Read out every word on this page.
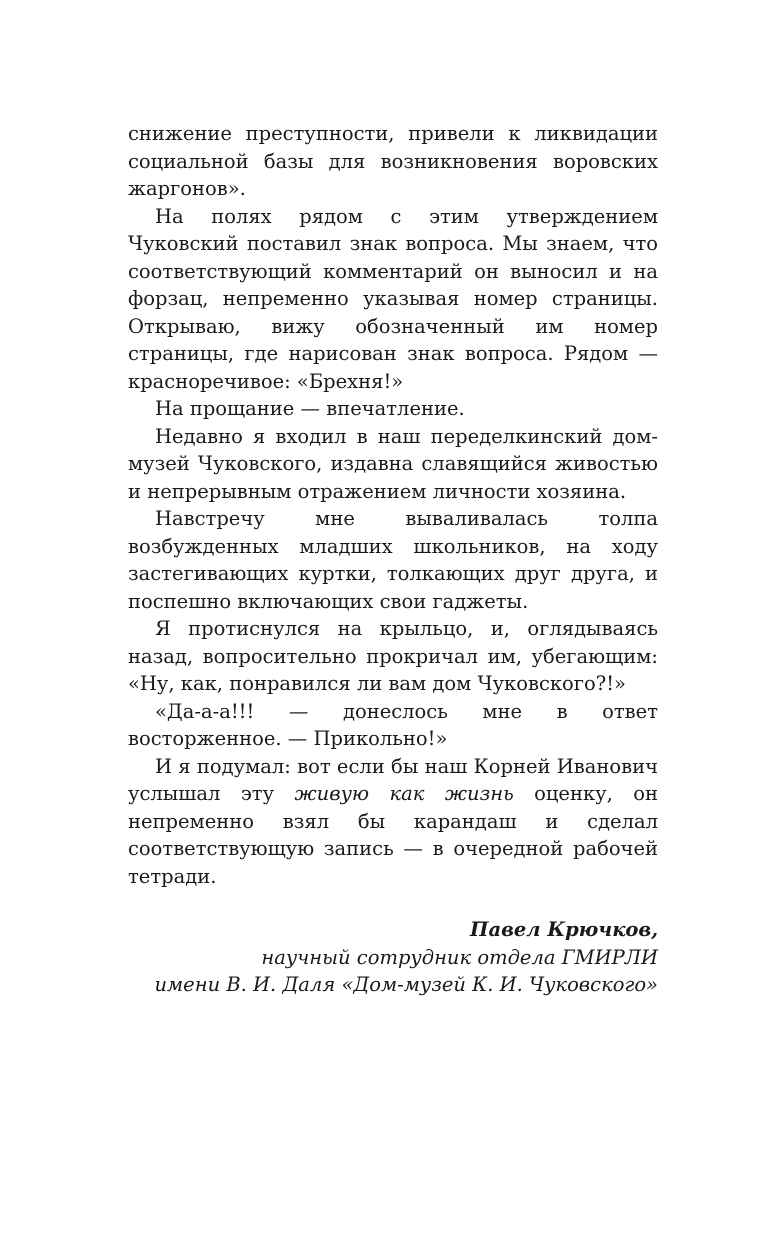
снижение преступности, привели к ликвидации социальной базы для возникновения воровских жаргонов».

На полях рядом с этим утверждением Чуковский поставил знак вопроса. Мы знаем, что соответствующий комментарий он выносил и на форзац, непременно указывая номер страницы. Открываю, вижу обозначенный им номер страницы, где нарисован знак вопроса. Рядом — красноречивое: «Брехня!»

На прощание — впечатление.

Недавно я входил в наш переделкинский дом-музей Чуковского, издавна славящийся живостью и непрерывным отражением личности хозяина.

Навстречу мне вываливалась толпа возбужденных младших школьников, на ходу застегивающих куртки, толкающих друг друга, и поспешно включающих свои гаджеты.

Я протиснулся на крыльцо, и, оглядываясь назад, вопросительно прокричал им, убегающим: «Ну, как, понравился ли вам дом Чуковского?!»

«Да-а-а!!! — донеслось мне в ответ восторженное. — Прикольно!»

И я подумал: вот если бы наш Корней Иванович услышал эту живую как жизнь оценку, он непременно взял бы карандаш и сделал соответствующую запись — в очередной рабочей тетради.

Павел Крючков,
научный сотрудник отдела ГМИРЛИ
имени В. И. Даля «Дом-музей К. И. Чуковского»
